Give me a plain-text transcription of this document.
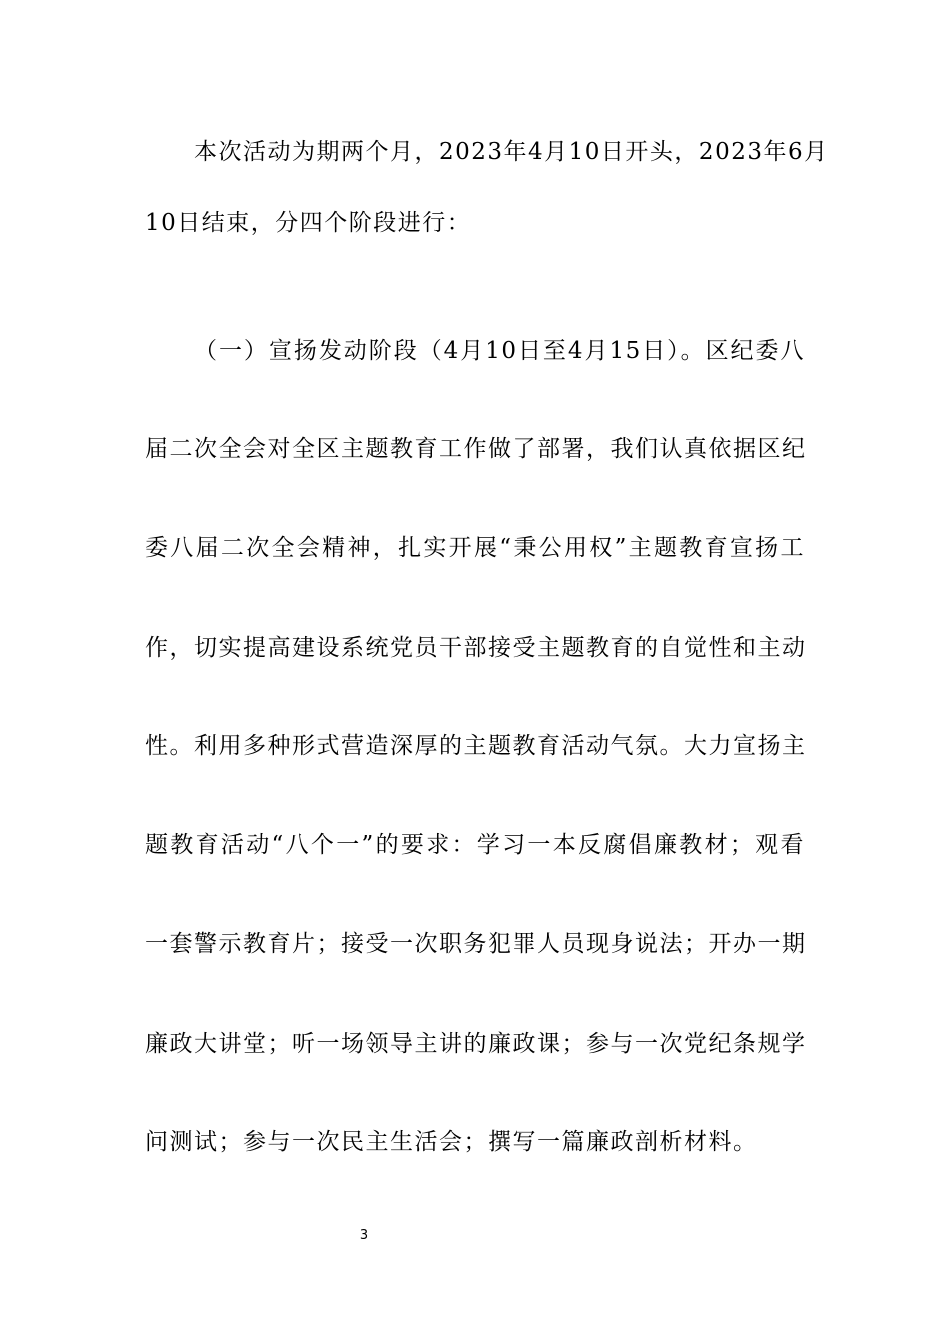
本次活动为期两个月，2023年4月10日开头，2023年6月
10日结束，分四个阶段进行：
（一）宣扬发动阶段（4月10日至4月15日）。区纪委八
届二次全会对全区主题教育工作做了部署，我们认真依据区纪
委八届二次全会精神，扎实开展“秉公用权”主题教育宣扬工
作，切实提高建设系统党员干部接受主题教育的自觉性和主动
性。利用多种形式营造深厚的主题教育活动气氛。大力宣扬主
题教育活动“八个一”的要求：学习一本反腐倡廉教材；观看
一套警示教育片；接受一次职务犯罪人员现身说法；开办一期
廉政大讲堂；听一场领导主讲的廉政课；参与一次党纪条规学
问测试；参与一次民主生活会；撰写一篇廉政剖析材料。
3
